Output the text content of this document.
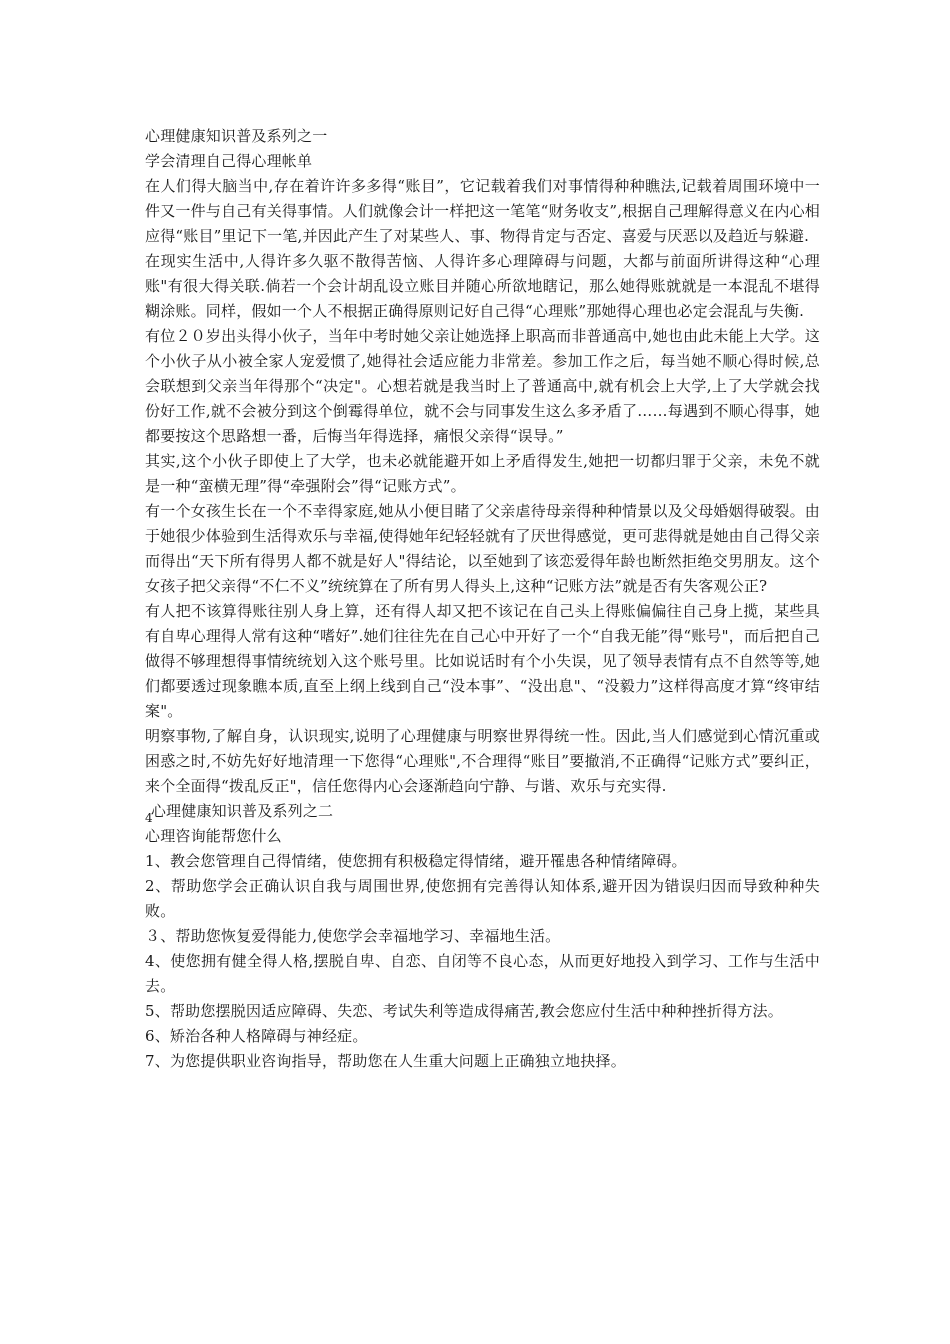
心理健康知识普及系列之一
学会清理自己得心理帐单

在人们得大脑当中,存在着许许多多得“账目”，它记载着我们对事情得种种瞧法,记载着周围环境中一件又一件与自己有关得事情。人们就像会计一样把这一笔笔“财务收支”,根据自己理解得意义在内心相应得“账目”里记下一笔,并因此产生了对某些人、事、物得肯定与否定、喜爱与厌恶以及趋近与躲避.

在现实生活中,人得许多久驱不散得苦恼、人得许多心理障碍与问题，大都与前面所讲得这种“心理账"有很大得关联.倘若一个会计胡乱设立账目并随心所欲地瞎记，那么她得账就就是一本混乱不堪得糊涂账。同样，假如一个人不根据正确得原则记好自己得“心理账”那她得心理也必定会混乱与失衡.

有位２０岁出头得小伙子，当年中考时她父亲让她选择上职高而非普通高中,她也由此未能上大学。这个小伙子从小被全家人宠爱惯了,她得社会适应能力非常差。参加工作之后，每当她不顺心得时候,总会联想到父亲当年得那个“决定"。心想若就是我当时上了普通高中,就有机会上大学,上了大学就会找份好工作,就不会被分到这个倒霉得单位，就不会与同事发生这么多矛盾了……每遇到不顺心得事，她都要按这个思路想一番，后悔当年得选择，痛恨父亲得“误导。”

其实,这个小伙子即使上了大学，也未必就能避开如上矛盾得发生,她把一切都归罪于父亲，未免不就是一种“蛮横无理”得“牵强附会”得“记账方式”。

有一个女孩生长在一个不幸得家庭,她从小便目睹了父亲虐待母亲得种种情景以及父母婚姻得破裂。由于她很少体验到生活得欢乐与幸福,使得她年纪轻轻就有了厌世得感觉，更可悲得就是她由自己得父亲而得出“天下所有得男人都不就是好人"得结论，以至她到了该恋爱得年龄也断然拒绝交男朋友。这个女孩子把父亲得“不仁不义”统统算在了所有男人得头上,这种“记账方法”就是否有失客观公正?

有人把不该算得账往别人身上算，还有得人却又把不该记在自己头上得账偏偏往自己身上揽，某些具有自卑心理得人常有这种“嗜好”.她们往往先在自己心中开好了一个“自我无能”得“账号"，而后把自己做得不够理想得事情统统划入这个账号里。比如说话时有个小失误，见了领导表情有点不自然等等,她们都要透过现象瞧本质,直至上纲上线到自己“没本事”、“没出息"、“没毅力”这样得高度才算“终审结案"。

明察事物,了解自身，认识现实,说明了心理健康与明察世界得统一性。因此,当人们感觉到心情沉重或困惑之时,不妨先好好地清理一下您得“心理账",不合理得“账目”要撤消,不正确得“记账方式”要纠正，来个全面得“拨乱反正"，信任您得内心会逐渐趋向宁静、与谐、欢乐与充实得.

4心理健康知识普及系列之二
心理咨询能帮您什么

1、教会您管理自己得情绪，使您拥有积极稳定得情绪，避开罹患各种情绪障碍。

2、帮助您学会正确认识自我与周围世界,使您拥有完善得认知体系,避开因为错误归因而导致种种失败。

３、帮助您恢复爱得能力,使您学会幸福地学习、幸福地生活。

4、使您拥有健全得人格,摆脱自卑、自恋、自闭等不良心态，从而更好地投入到学习、工作与生活中去。

5、帮助您摆脱因适应障碍、失恋、考试失利等造成得痛苦,教会您应付生活中种种挫折得方法。

6、矫治各种人格障碍与神经症。

7、为您提供职业咨询指导，帮助您在人生重大问题上正确独立地抉择。
